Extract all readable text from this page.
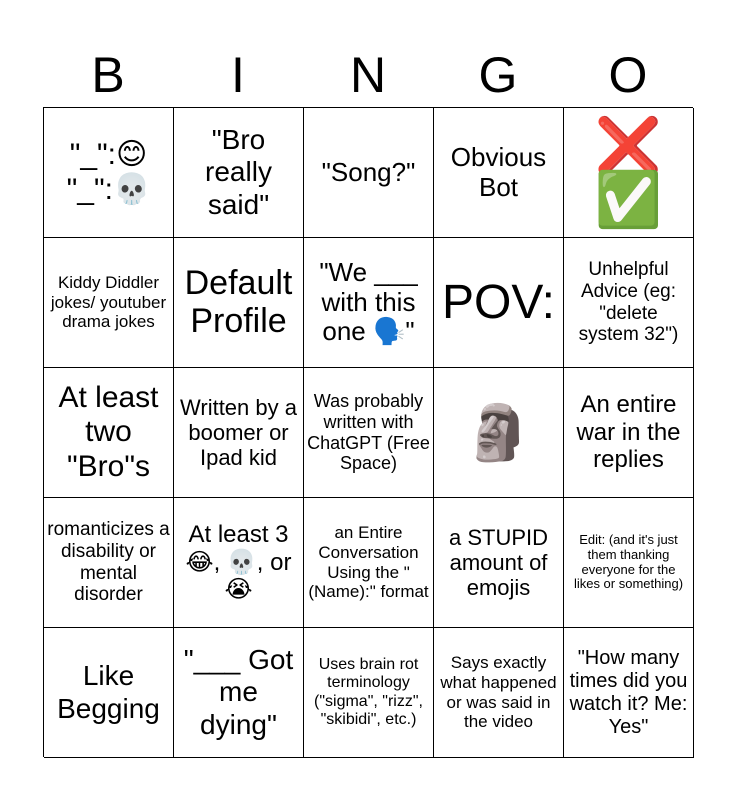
B	I	N	G	O
"_":😊
"_":💀
"Bro really said"
"Song?"	Obvious Bot
❌
✅
Kiddy Diddler jokes/ youtuber drama jokes
Default Profile
"We ___ with this one 🗣️"
POV:
Unhelpful Advice (eg: "delete system 32")
At least two "Bro"s
Written by a boomer or Ipad kid
Was probably written with ChatGPT (Free Space)
🗿	An entire war in the replies
romanticizes a disability or mental disorder
At least 3 😂, 💀, or 😭
an Entire Conversation Using the "(Name):" format
a STUPID amount of emojis
Edit: (and it's just them thanking everyone for the likes or something)
Like Begging
"___ Got me dying"
Uses brain rot terminology ("sigma", "rizz", "skibidi", etc.)
Says exactly what happened or was said in the video
"How many times did you watch it? Me: Yes"
